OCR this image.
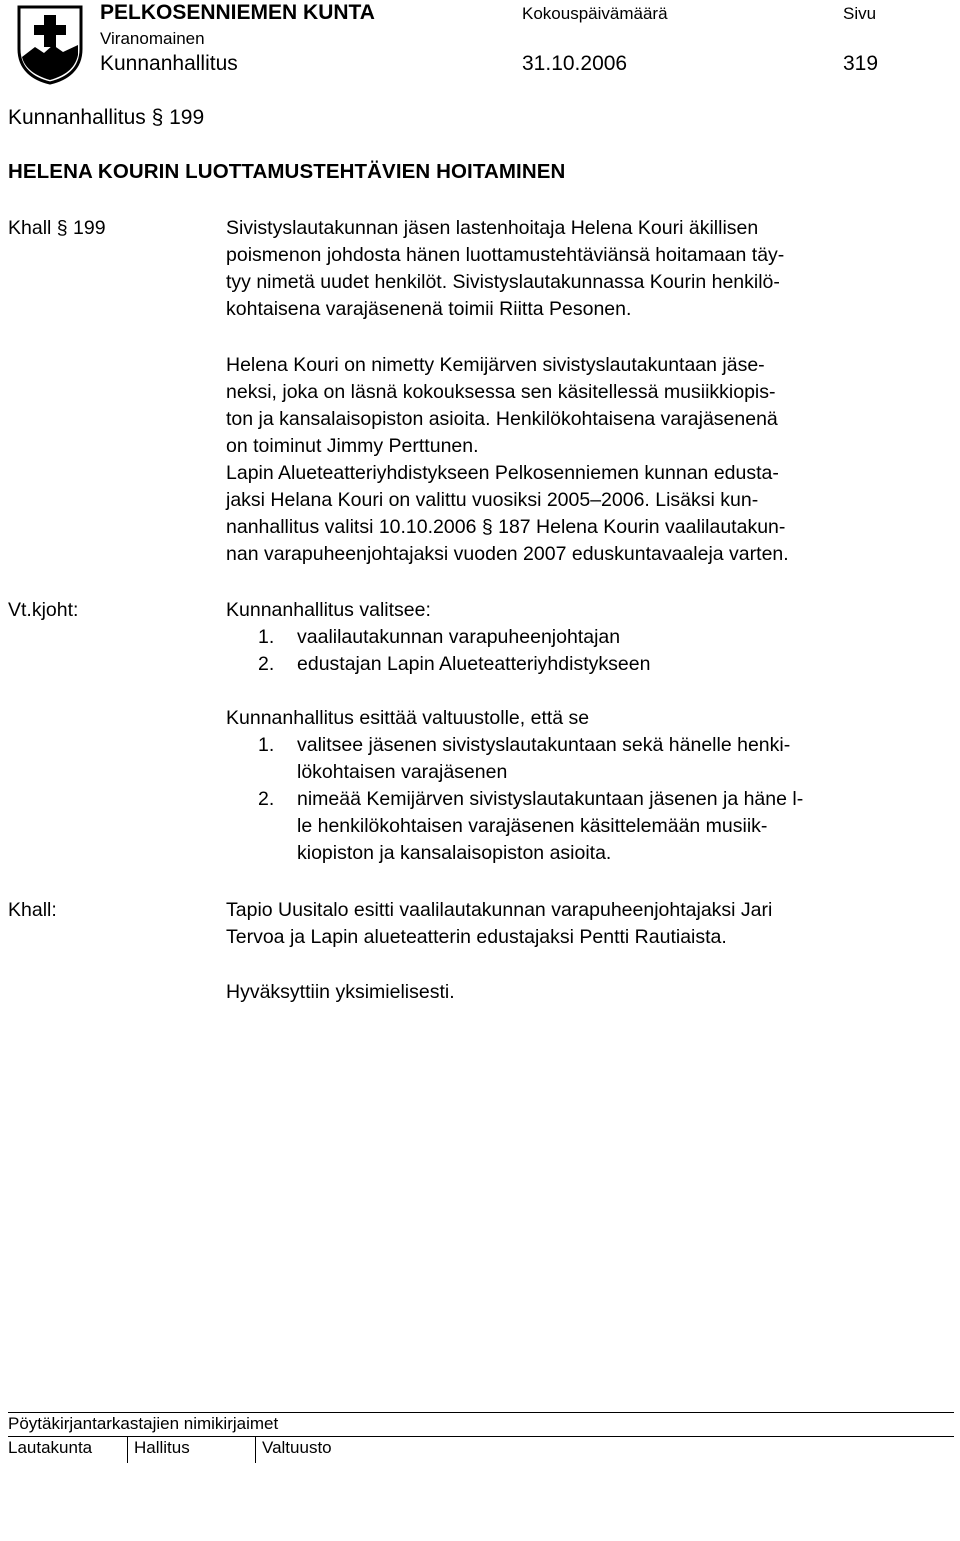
PELKOSENNIEMEN KUNTA	Kokouspäivämäärä	Sivu
Viranomainen
Kunnanhallitus	31.10.2006	319
Kunnanhallitus § 199
HELENA KOURIN LUOTTAMUSTEHTÄVIEN HOITAMINEN
Khall § 199	Sivistyslautakunnan jäsen lastenhoitaja Helena Kouri äkillisen
poismenon johdosta hänen luottamustehtäviänsä hoitamaan täy-
tyy nimetä uudet henkilöt. Sivistyslautakunnassa Kourin henkilö-
kohtaisena varajäsenenä toimii Riitta Pesonen.
Helena Kouri on nimetty Kemijärven sivistyslautakuntaan jäse-
neksi, joka on läsnä kokouksessa sen käsitellessä musiikkiopis-
ton ja kansalaisopiston asioita. Henkilökohtaisena varajäsenenä
on toiminut Jimmy Perttunen.
Lapin Alueteatteriyhdistykseen Pelkosenniemen kunnan edusta-
jaksi Helana Kouri on valittu vuosiksi 2005–2006. Lisäksi kun-
nanhallitus valitsi 10.10.2006 § 187 Helena Kourin vaalilautakun-
nan varapuheenjohtajaksi vuoden 2007 eduskuntavaaleja varten.
Vt.kjoht:	Kunnanhallitus valitsee:
1. vaalilautakunnan varapuheenjohtajan
2. edustajan Lapin Alueteatteriyhdistykseen
Kunnanhallitus esittää valtuustolle, että se
1. valitsee jäsenen sivistyslautakuntaan sekä hänelle henki-
lökohtaisen varajäsenen
2. nimeää Kemijärven sivistyslautakuntaan jäsenen ja häne l-
le henkilökohtaisen varajäsenen käsittelemään musiik-
kiopiston ja kansalaisopiston asioita.
Khall:	Tapio Uusitalo esitti vaalilautakunnan varapuheenjohtajaksi Jari
Tervoa ja Lapin alueteatterin edustajaksi Pentti Rautiaista.
Hyväksyttiin yksimielisesti.
Pöytäkirjantarkastajien nimikirjaimet
Lautakunta Hallitus	Valtuusto
